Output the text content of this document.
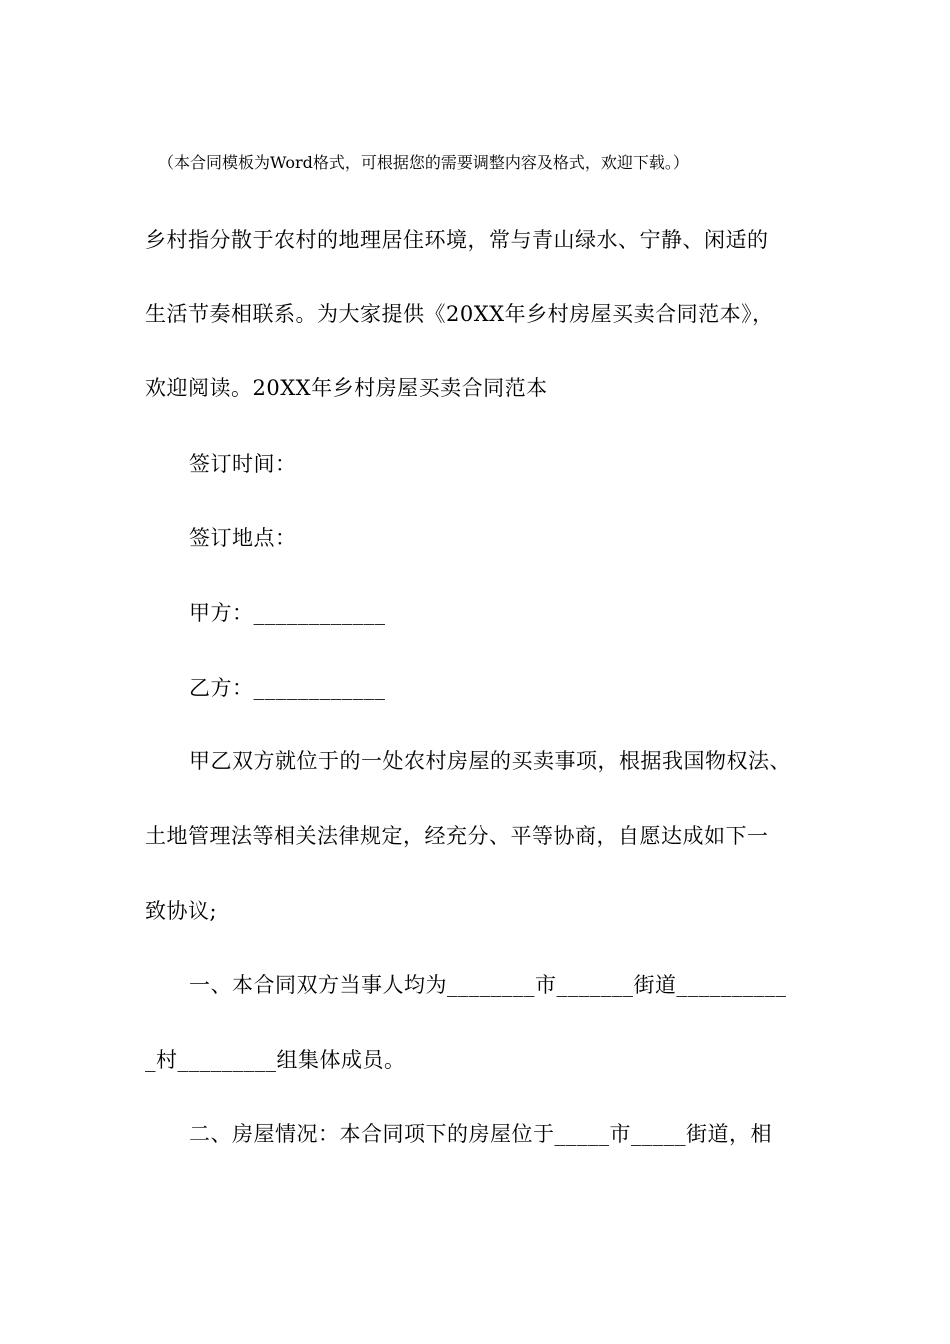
（本合同模板为Word格式，可根据您的需要调整内容及格式，欢迎下载。）
乡村指分散于农村的地理居住环境，常与青山绿水、宁静、闲适的
生活节奏相联系。为大家提供《20XX年乡村房屋买卖合同范本》，
欢迎阅读。20XX年乡村房屋买卖合同范本
签订时间：
签订地点：
甲方：____________
乙方：____________
甲乙双方就位于的一处农村房屋的买卖事项，根据我国物权法、
土地管理法等相关法律规定，经充分、平等协商，自愿达成如下一
致协议;
一、本合同双方当事人均为________市_______街道__________
_村_________组集体成员。
二、房屋情况：本合同项下的房屋位于_____市_____街道，相
